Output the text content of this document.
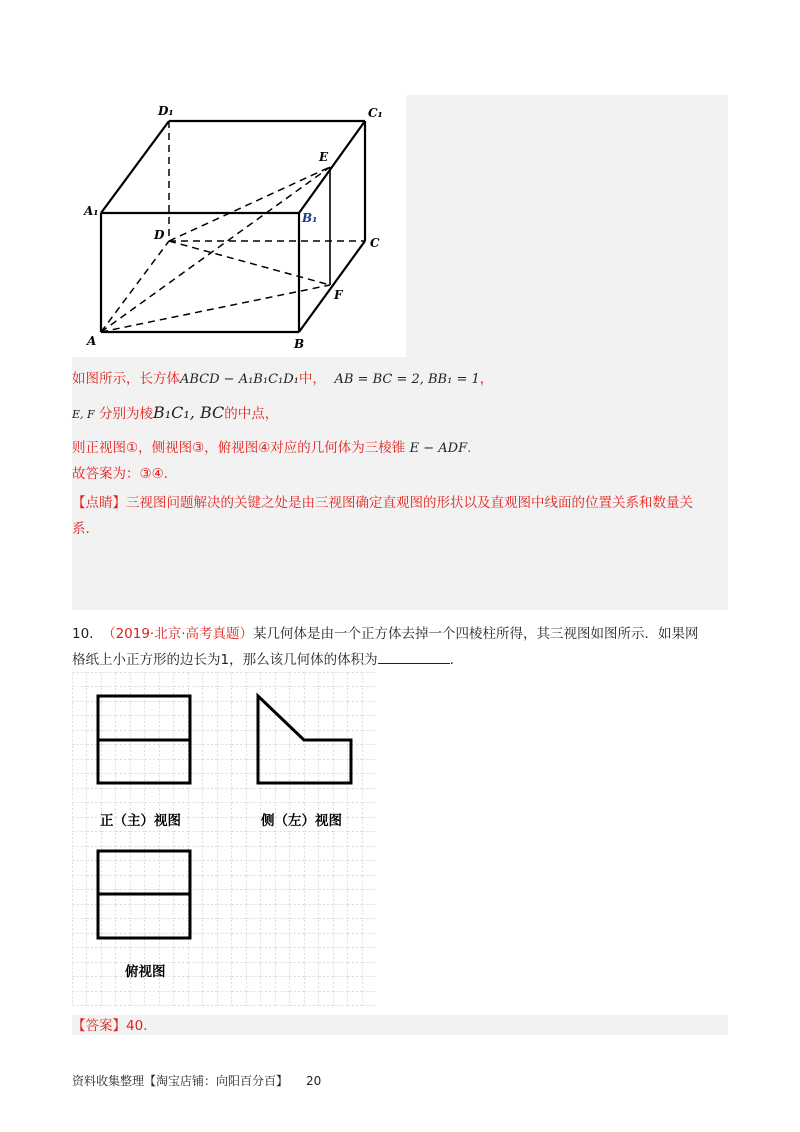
D₁	C₁
A₁	B₁
E
D
C
F
A	B
如图所示，长方体ABCD − A₁B₁C₁D₁中， AB = BC = 2, BB₁ = 1，
E, F 分别为棱B₁C₁, BC的中点，
则正视图①，侧视图③，俯视图④对应的几何体为三棱锥 E − ADF.
故答案为：③④.
【点睛】三视图问题解决的关键之处是由三视图确定直观图的形状以及直观图中线面的位置关系和数量关
系.
10. （2019·北京·高考真题）某几何体是由一个正方体去掉一个四棱柱所得，其三视图如图所示．如果网
格纸上小正方形的边长为1，那么该几何体的体积为	.
正（主）视图	侧（左）视图
俯视图
【答案】40.
资料收集整理【淘宝店铺：向阳百分百】 20
